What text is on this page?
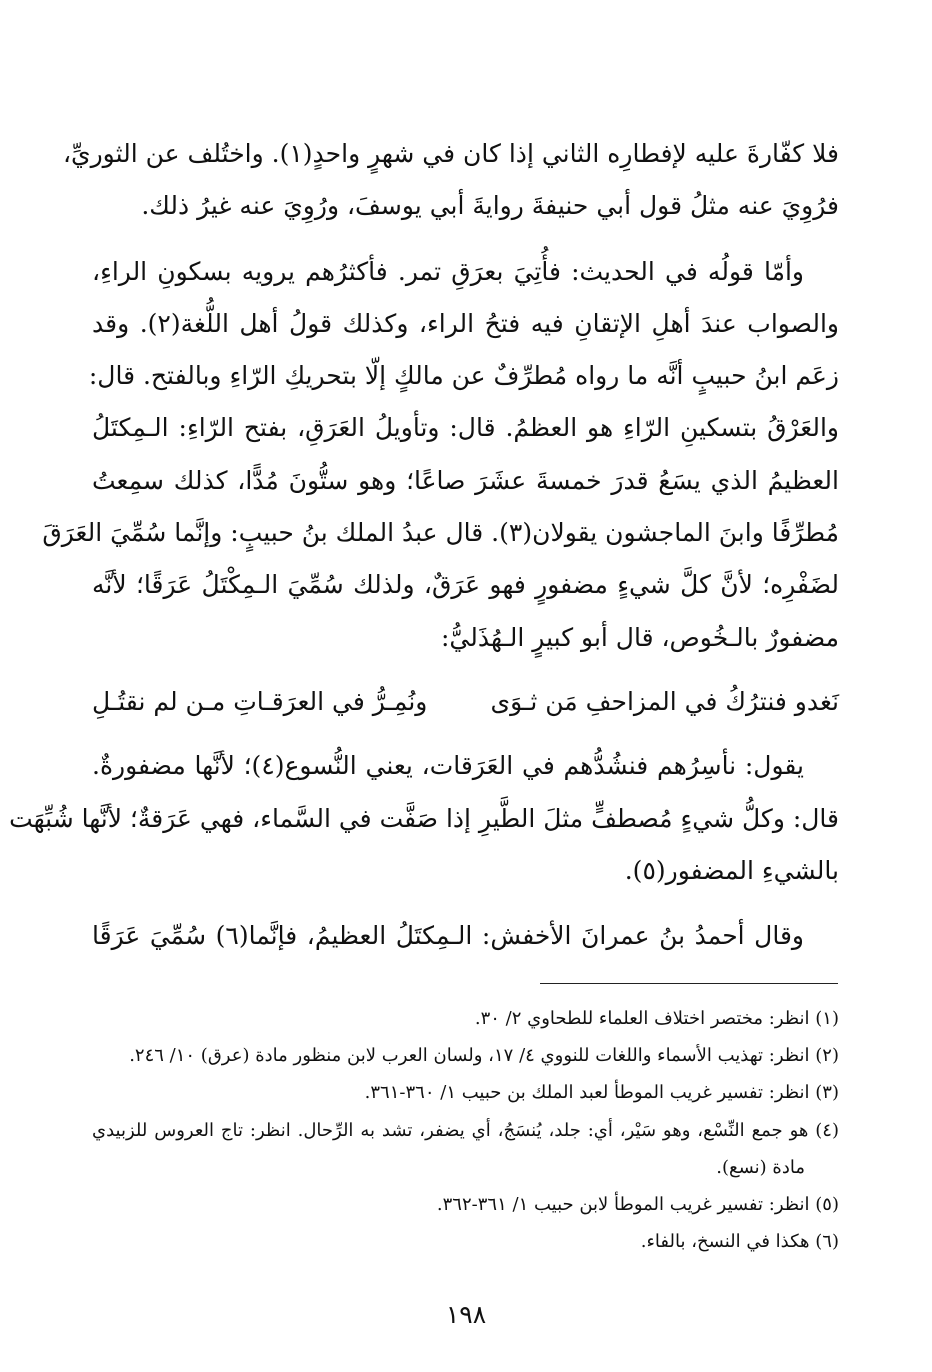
فلا كفّارةَ عليه لإفطارِه الثاني إذا كان في شهرٍ واحدٍ(١). واختُلف عن الثوريِّ،
فرُوِيَ عنه مثلُ قول أبي حنيفةَ روايةَ أبي يوسفَ، ورُوِيَ عنه غيرُ ذلك.

وأمّا قولُه في الحديث: فأُتِيَ بعرَقِ تمر. فأكثرُهم يرويه بسكونِ الراءِ،
والصواب عندَ أهلِ الإتقانِ فيه فتحُ الراء، وكذلك قولُ أهل اللُّغة(٢). وقد
زعَم ابنُ حبيبٍ أنَّه ما رواه مُطرِّفٌ عن مالكٍ إلّا بتحريكِ الرّاءِ وبالفتح. قال:
والعَرْقُ بتسكينِ الرّاءِ هو العظمُ. قال: وتأويلُ العَرَقِ، بفتح الرّاءِ: الـمِكتَلُ
العظيمُ الذي يسَعُ قدرَ خمسةَ عشَرَ صاعًا؛ وهو ستُّونَ مُدًّا، كذلك سمِعتُ
مُطرِّفًا وابنَ الماجشون يقولان(٣). قال عبدُ الملك بنُ حبيبٍ: وإنَّما سُمِّيَ العَرَقَ
لضَفْرِه؛ لأنَّ كلَّ شيءٍ مضفورٍ فهو عَرَقٌ، ولذلك سُمِّيَ الـمِكْتَلُ عَرَقًا؛ لأنَّه
مضفورٌ بالـخُوص، قال أبو كبيرٍ الـهُذَليُّ:

نَغدو فنترُكُ في المزاحفِ مَن ثـوَى
ونُمِـرُّ في العرَقـاتِ مـن لم نقتُـلِ

يقول: نأسِرُهم فنشُدُّهم في العَرَقات، يعني النُّسوع(٤)؛ لأنَّها مضفورةٌ.
قال: وكلُّ شيءٍ مُصطفٍّ مثلَ الطَّيرِ إذا صَفَّت في السَّماء، فهي عَرَقةٌ؛ لأنَّها شُبِّهَت
بالشيءِ المضفور(٥).

وقال أحمدُ بنُ عمرانَ الأخفش: الـمِكتَلُ العظيمُ، فإنَّما(٦) سُمِّيَ عَرَقًا

(١) انظر: مختصر اختلاف العلماء للطحاوي ٢/ ٣٠.
(٢) انظر: تهذيب الأسماء واللغات للنووي ٤/ ١٧، ولسان العرب لابن منظور مادة (عرق) ١٠/ ٢٤٦.
(٣) انظر: تفسير غريب الموطأ لعبد الملك بن حبيب ١/ ٣٦٠-٣٦١.
(٤) هو جمع النِّسْع، وهو سَيْر، أي: جلد، يُنسَجُ، أي يضفر، تشد به الرِّحال. انظر: تاج العروس للزبيدي مادة (نسع).
(٥) انظر: تفسير غريب الموطأ لابن حبيب ١/ ٣٦١-٣٦٢.
(٦) هكذا في النسخ، بالفاء.
١٩٨
